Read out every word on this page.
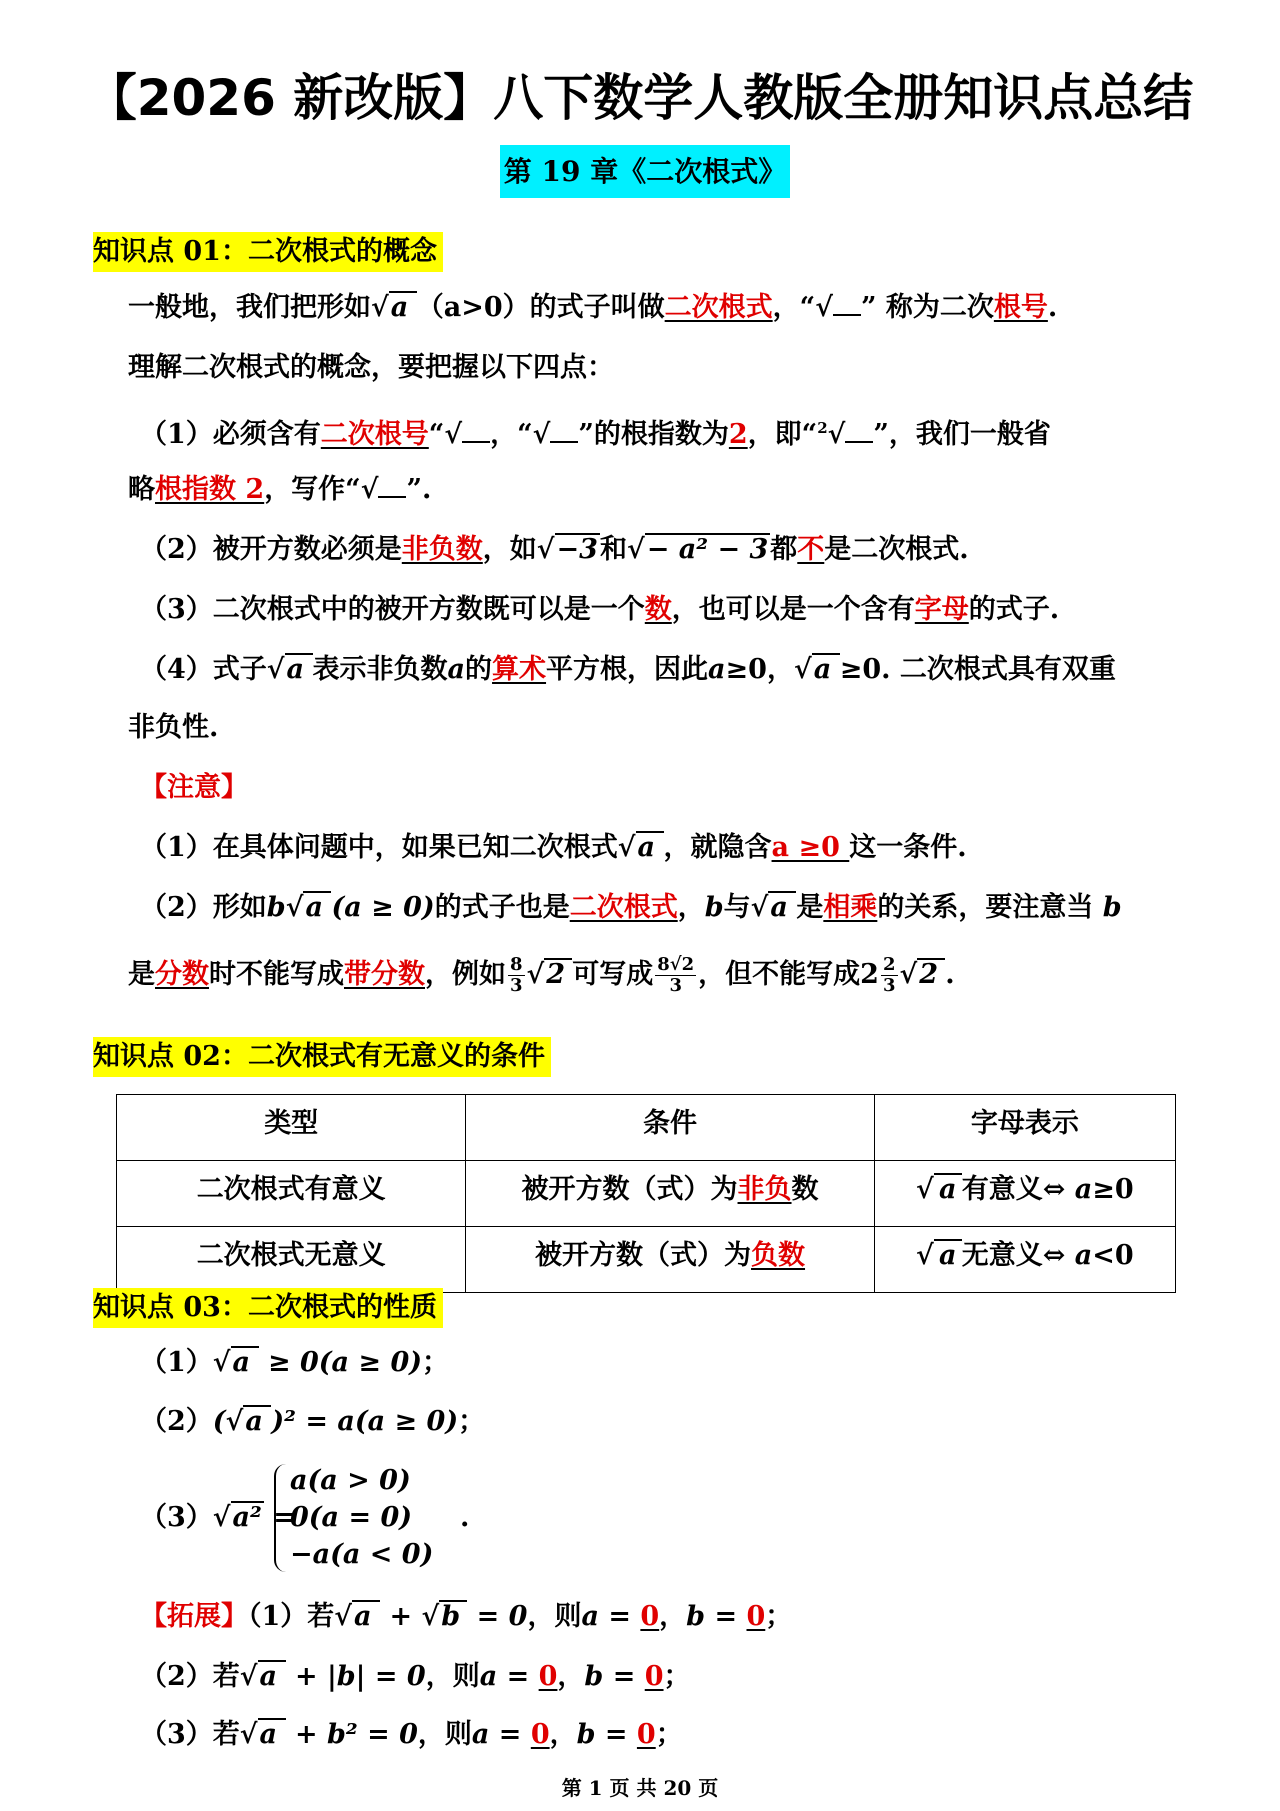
【2026 新改版】八下数学人教版全册知识点总结
第 19 章《二次根式》
知识点 01：二次根式的概念
一般地，我们把形如√a （a>0）的式子叫做二次根式，“√ ” 称为二次根号.
理解二次根式的概念，要把握以下四点：
（1）必须含有二次根号“√ ，“√ ”的根指数为2，即“$^2$√ ”，我们一般省
略根指数 2，写作“√ ”.
（2）被开方数必须是非负数，如√−3和√− a² − 3都不是二次根式.
（3）二次根式中的被开方数既可以是一个数，也可以是一个含有字母的式子.
（4）式子√a 表示非负数a的算术平方根，因此a≥0，√a ≥0. 二次根式具有双重
非负性.
【注意】
（1）在具体问题中，如果已知二次根式√a ，就隐含a ≥0 这一条件.
（2）形如b√a (a ≥ 0)的式子也是二次根式，b与√a 是相乘的关系，要注意当 b
是分数时不能写成带分数，例如 $\frac{8}{3} √2$ 可写成 $\frac{8√2}{3}$ ，但不能写成$2 \frac{2}{3} √2$ .
知识点 02：二次根式有无意义的条件
类型	条件	字母表示
二次根式有意义	被开方数（式）为非负数	√ a 有意义⇔ a≥0
二次根式无意义	被开方数（式）为负数	√ a 无意义⇔ a<0
知识点 03：二次根式的性质
（1）√a ≥ 0(a ≥ 0)；
（2）(√a )² = a(a ≥ 0)；
（3）√a² =
【拓展】（1）若√a + √b = 0，则a = 0，b = 0；
（2）若√a + |b| = 0，则a = 0，b = 0；
（3）若√a + b² = 0，则a = 0，b = 0；
a(a > 0)
0(a = 0)
−a(a < 0)
.
第 1 页 共 20 页
